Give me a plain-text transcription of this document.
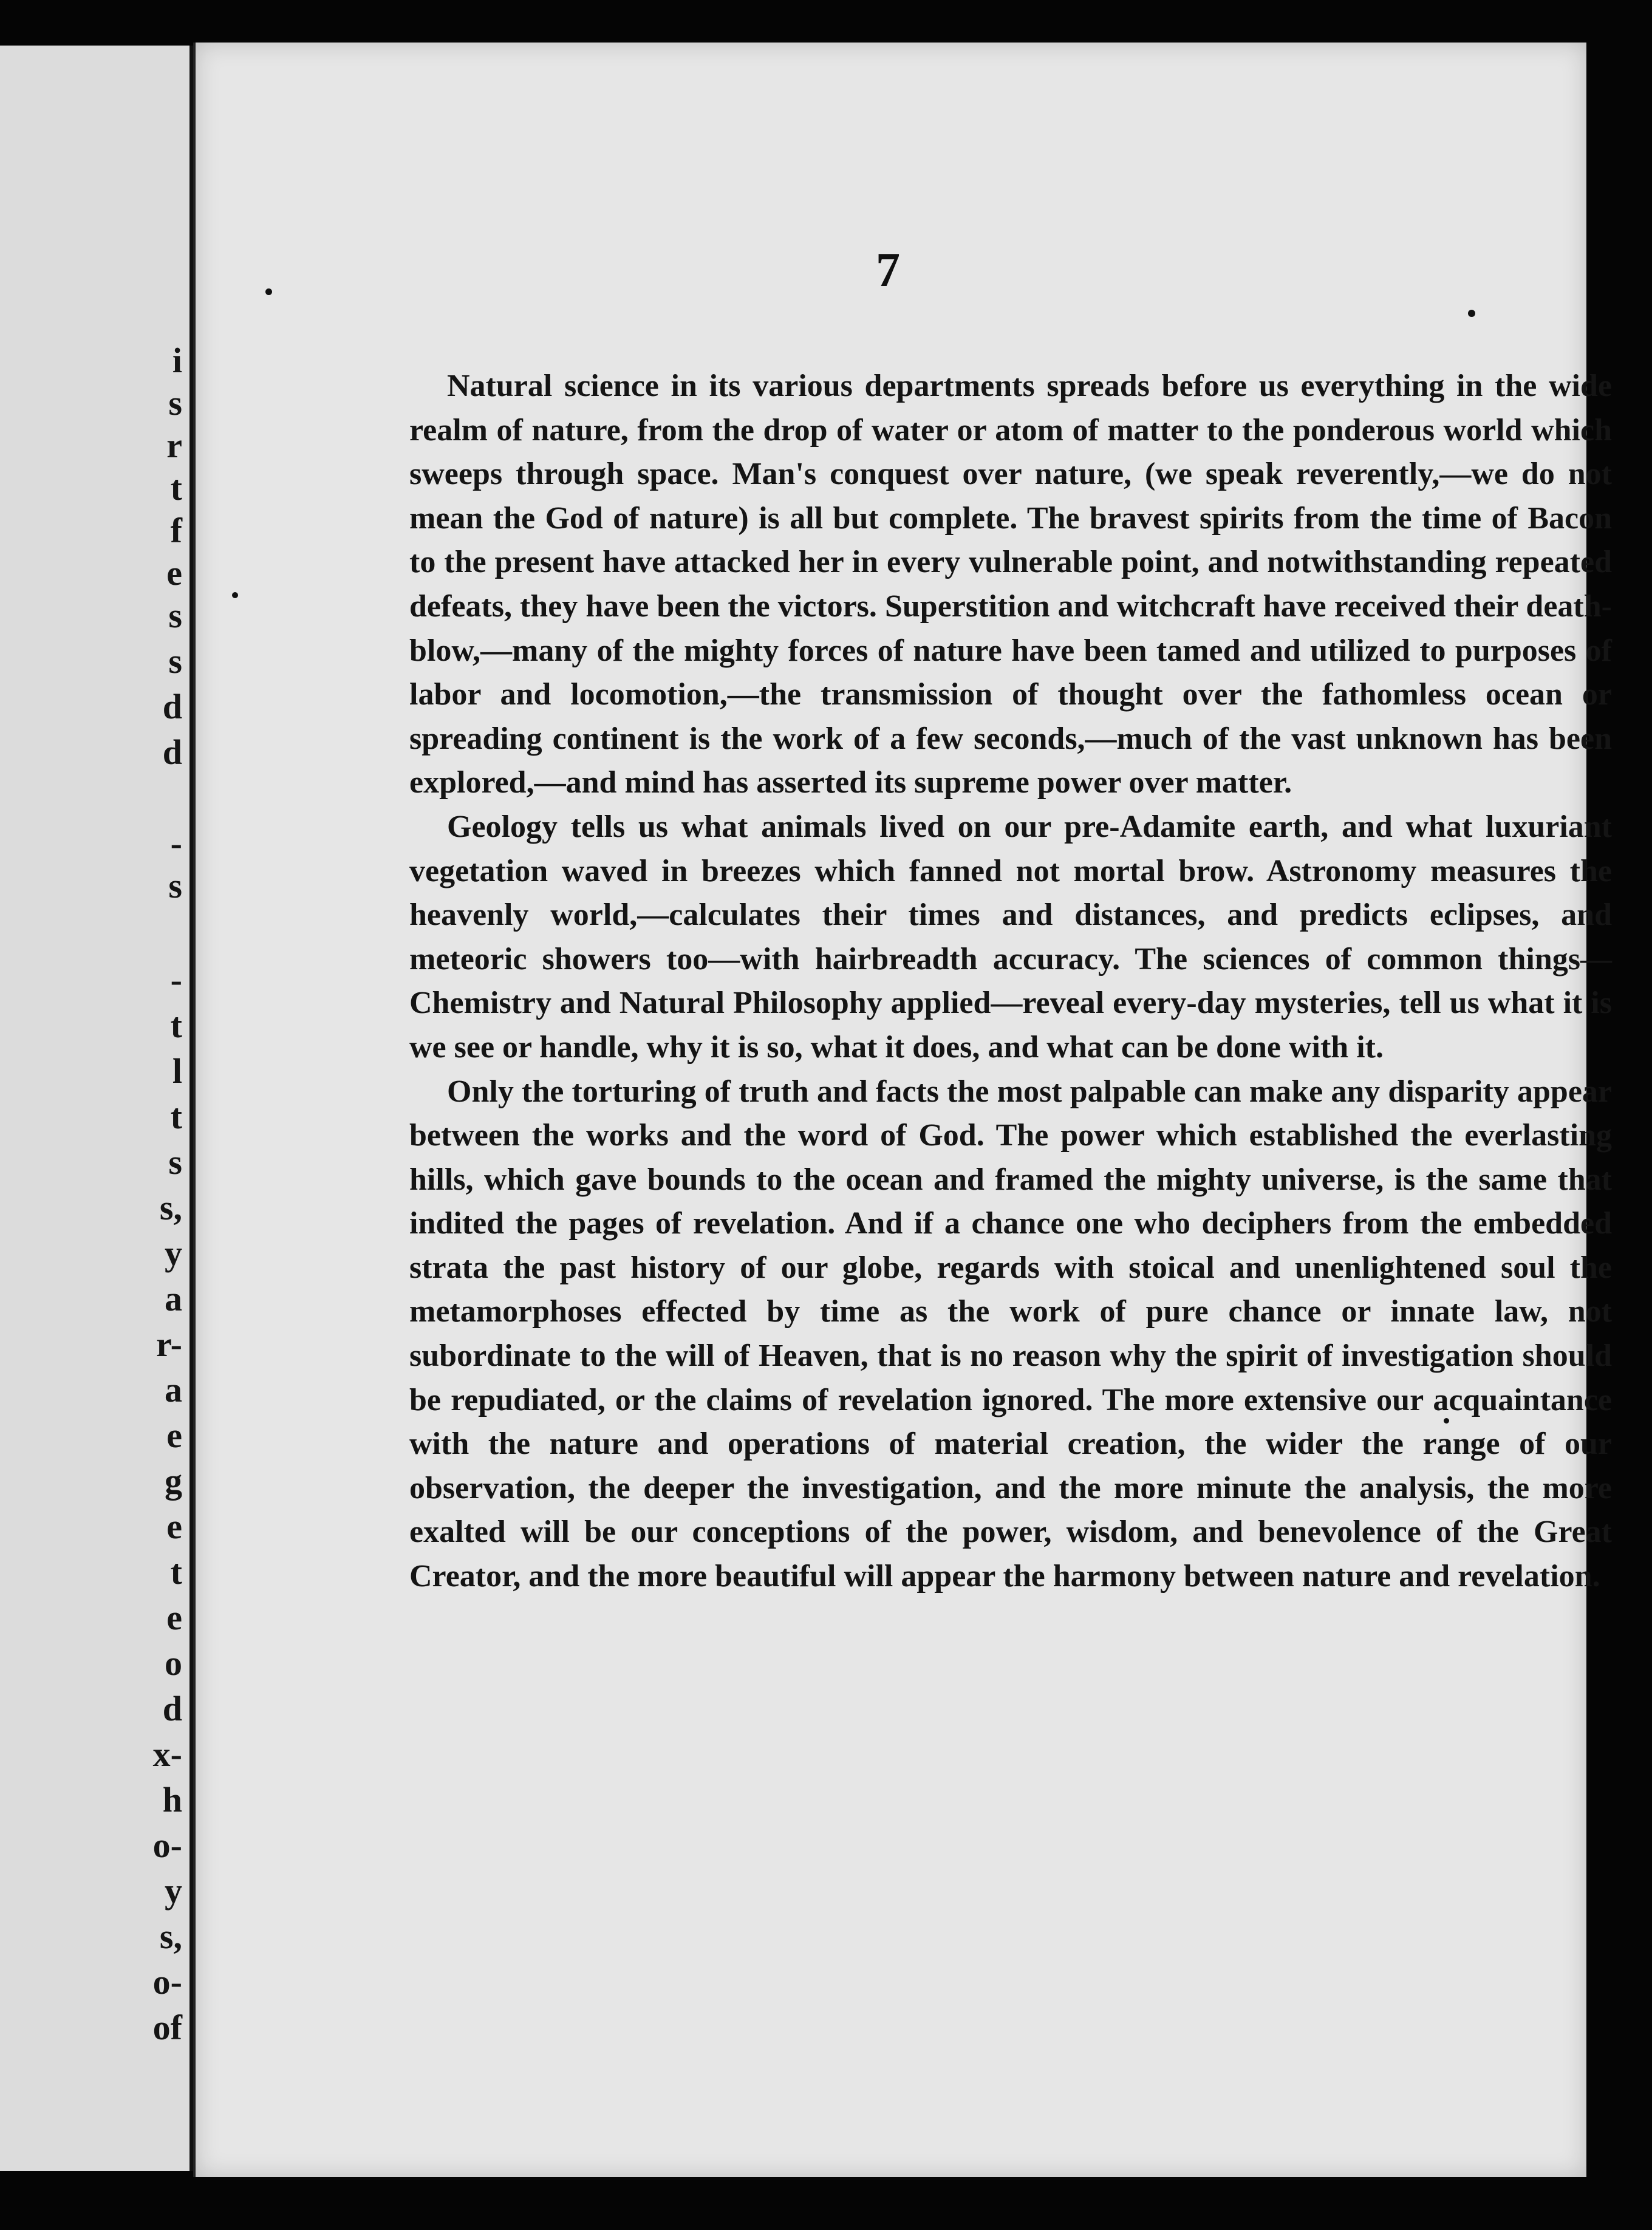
i
s
r
t
f
e
s
s
d
d
-
s
-
t
l
t
s
s,
y
a
r-
a
e
g
e
t
e
o
d
x-
h
o-
y
s,
o-
of
7

Natural science in its various departments spreads before us everything in the wide realm of nature, from the drop of water or atom of matter to the ponderous world which sweeps through space. Man's conquest over nature, (we speak reverently,—we do not mean the God of nature) is all but complete. The bravest spirits from the time of Bacon to the present have attacked her in every vulnerable point, and notwithstanding repeated defeats, they have been the victors. Superstition and witchcraft have received their death-blow,—many of the mighty forces of nature have been tamed and utilized to purposes of labor and locomotion,—the transmission of thought over the fathomless ocean or spreading continent is the work of a few seconds,—much of the vast unknown has been explored,—and mind has asserted its supreme power over matter.

Geology tells us what animals lived on our pre-Adamite earth, and what luxuriant vegetation waved in breezes which fanned not mortal brow. Astronomy measures the heavenly world,—calculates their times and distances, and predicts eclipses, and meteoric showers too—with hairbreadth accuracy. The sciences of common things—Chemistry and Natural Philosophy applied—reveal every-day mysteries, tell us what it is we see or handle, why it is so, what it does, and what can be done with it.

Only the torturing of truth and facts the most palpable can make any disparity appear between the works and the word of God. The power which established the everlasting hills, which gave bounds to the ocean and framed the mighty universe, is the same that indited the pages of revelation. And if a chance one who deciphers from the embedded strata the past history of our globe, regards with stoical and unenlightened soul the metamorphoses effected by time as the work of pure chance or innate law, not subordinate to the will of Heaven, that is no reason why the spirit of investigation should be repudiated, or the claims of revelation ignored. The more extensive our acquaintance with the nature and operations of material creation, the wider the range of our observation, the deeper the investigation, and the more minute the analysis, the more exalted will be our conceptions of the power, wisdom, and benevolence of the Great Creator, and the more beautiful will appear the harmony between nature and revelation.
